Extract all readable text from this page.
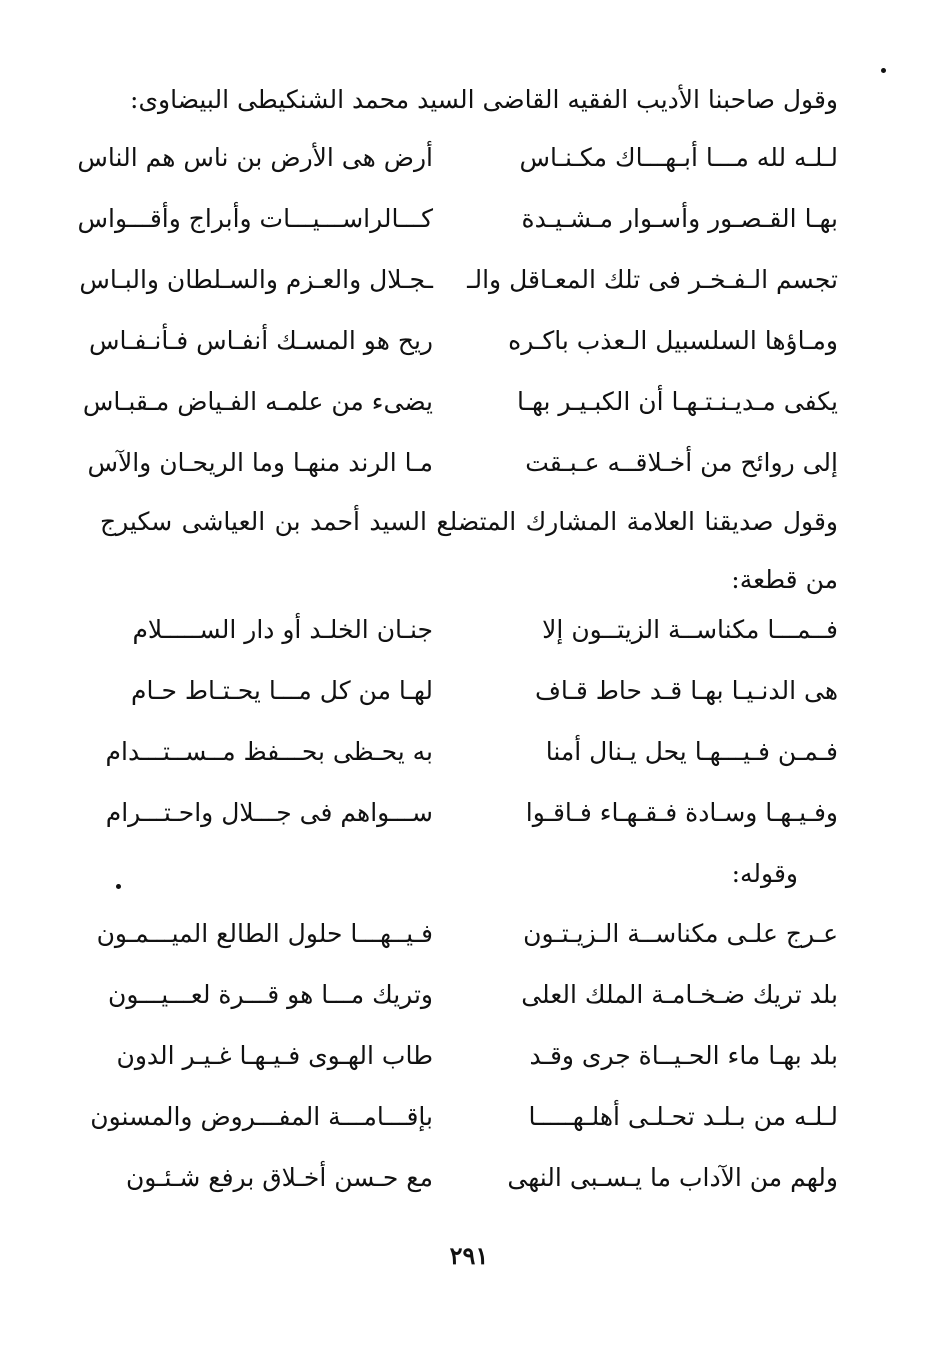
وقول صاحبنا الأديب الفقيه القاضى السيد محمد الشنكيطى البيضاوى:

لـلـه لله مـــا أبـهـــاك مكـنـاس
أرض هى الأرض بن ناس هم الناس
بهـا القـصـور وأسـوار مـشـيـدة
كـــالراســـيـــات وأبراج وأقـــواس
تجسم الـفـخـر فى تلك المعـاقل والـ
ـجـلال والعـزم والسـلطان والبـاس
ومـاؤها السلسبيل الـعذب باكـره
ريح هو المسـك أنفـاس فـأنـفـاس
يكفى مـديـنـتـهـا أن الكبـيـر بهـا
يضىء من علمـه الفـياض مـقبـاس
إلى روائح من أخـلاقــه عـبـقت
مـا الرند منهـا وما الريحـان والآس

وقول صديقنا العلامة المشارك المتضلع السيد أحمد بن العياشى سكيرج من قطعة:

فــمـــا مكناســة الزيتــون إلا
جنـان الخلـد أو دار الســـــلام
هى الدنـيـا بهـا قـد حاط قـاف
لهـا من كل مـــا يحـتـاط حـام
فـمـن فـيـــهـا يحل يـنال أمنا
به يحـظى بحـــفظ مــســتـــدام
وفـيـهـا وسـادة فـقـهـاء فـاقـوا
ســـواهم فى جـــلال واحـتـــرام

وقوله:

عـرج علـى مكناســة الـزيـتـون
فـيــهـــا حلول الطالع الميـــمـون
بلد تريك ضـخـامـة الملك العلى
وتريك مـــا هو قـــرة لعـــيـــون
بلد بهـا ماء الحـيــاة جرى وقـد
طاب الهـوى فـيـهـا غـيـر الدون
لـلـه من بـلـد تحـلـى أهلـهـــــا
بإقـــامـــة المفـــروض والمسنون
ولهم من الآداب ما يـسـبى النهى
مع حـسن أخـلاق برفع شـئـون
٢٩١
